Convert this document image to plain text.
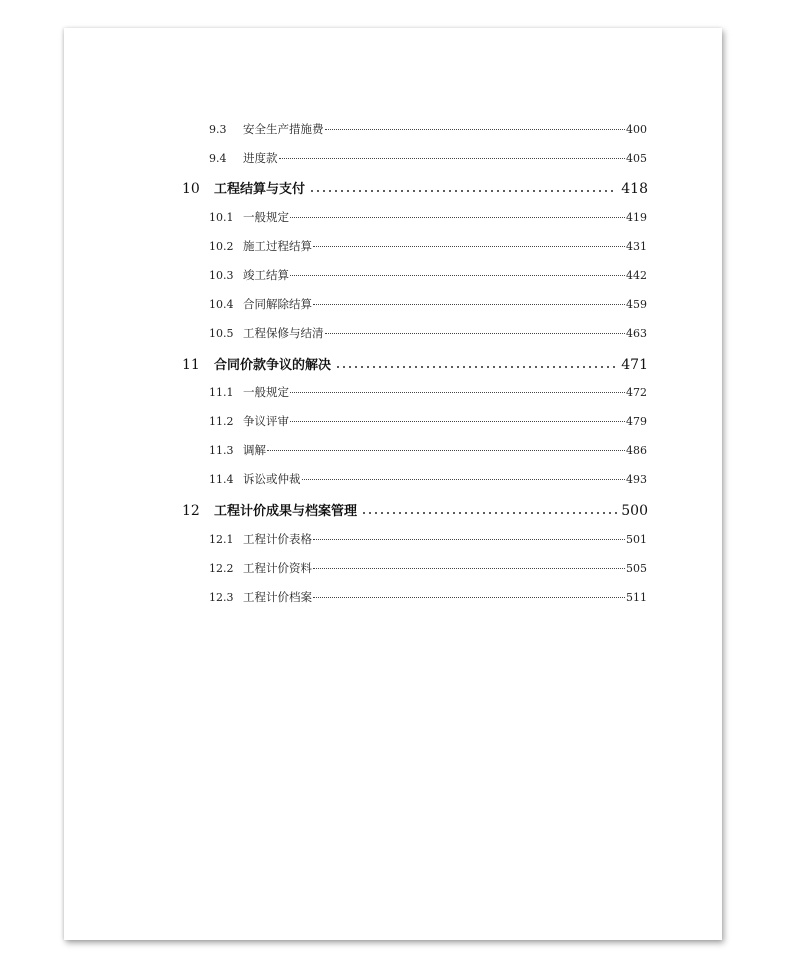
9.3	安全生产措施费	400
9.4	进度款	405
10	工程结算与支付	418
10.1 一般规定	419
10.2 施工过程结算	431
10.3 竣工结算	442
10.4 合同解除结算	459
10.5 工程保修与结清	463
11	合同价款争议的解决	471
11.1 一般规定	472
11.2 争议评审	479
11.3 调解	486
11.4 诉讼或仲裁	493
12	工程计价成果与档案管理	500
12.1 工程计价表格	501
12.2 工程计价资料	505
12.3 工程计价档案	511
